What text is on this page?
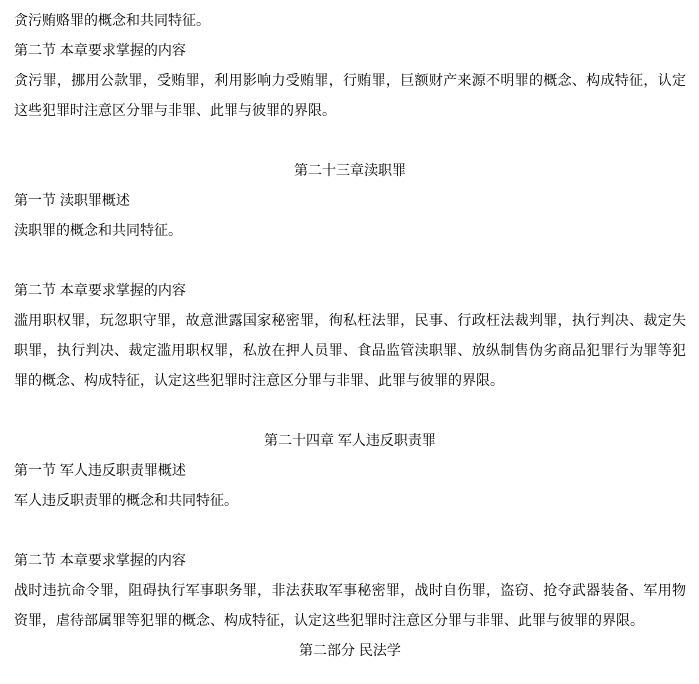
贪污贿赂罪的概念和共同特征。
第二节 本章要求掌握的内容
贪污罪，挪用公款罪，受贿罪，利用影响力受贿罪，行贿罪，巨额财产来源不明罪的概念、构成特征，认定
这些犯罪时注意区分罪与非罪、此罪与彼罪的界限。
第二十三章渎职罪
第一节 渎职罪概述
渎职罪的概念和共同特征。
第二节 本章要求掌握的内容
滥用职权罪，玩忽职守罪，故意泄露国家秘密罪，徇私枉法罪，民事、行政枉法裁判罪，执行判决、裁定失
职罪，执行判决、裁定滥用职权罪，私放在押人员罪、食品监管渎职罪、放纵制售伪劣商品犯罪行为罪等犯
罪的概念、构成特征，认定这些犯罪时注意区分罪与非罪、此罪与彼罪的界限。
第二十四章 军人违反职责罪
第一节 军人违反职责罪概述
军人违反职责罪的概念和共同特征。
第二节 本章要求掌握的内容
战时违抗命令罪，阻碍执行军事职务罪，非法获取军事秘密罪，战时自伤罪，盗窃、抢夺武器装备、军用物
资罪，虐待部属罪等犯罪的概念、构成特征，认定这些犯罪时注意区分罪与非罪、此罪与彼罪的界限。
第二部分 民法学
